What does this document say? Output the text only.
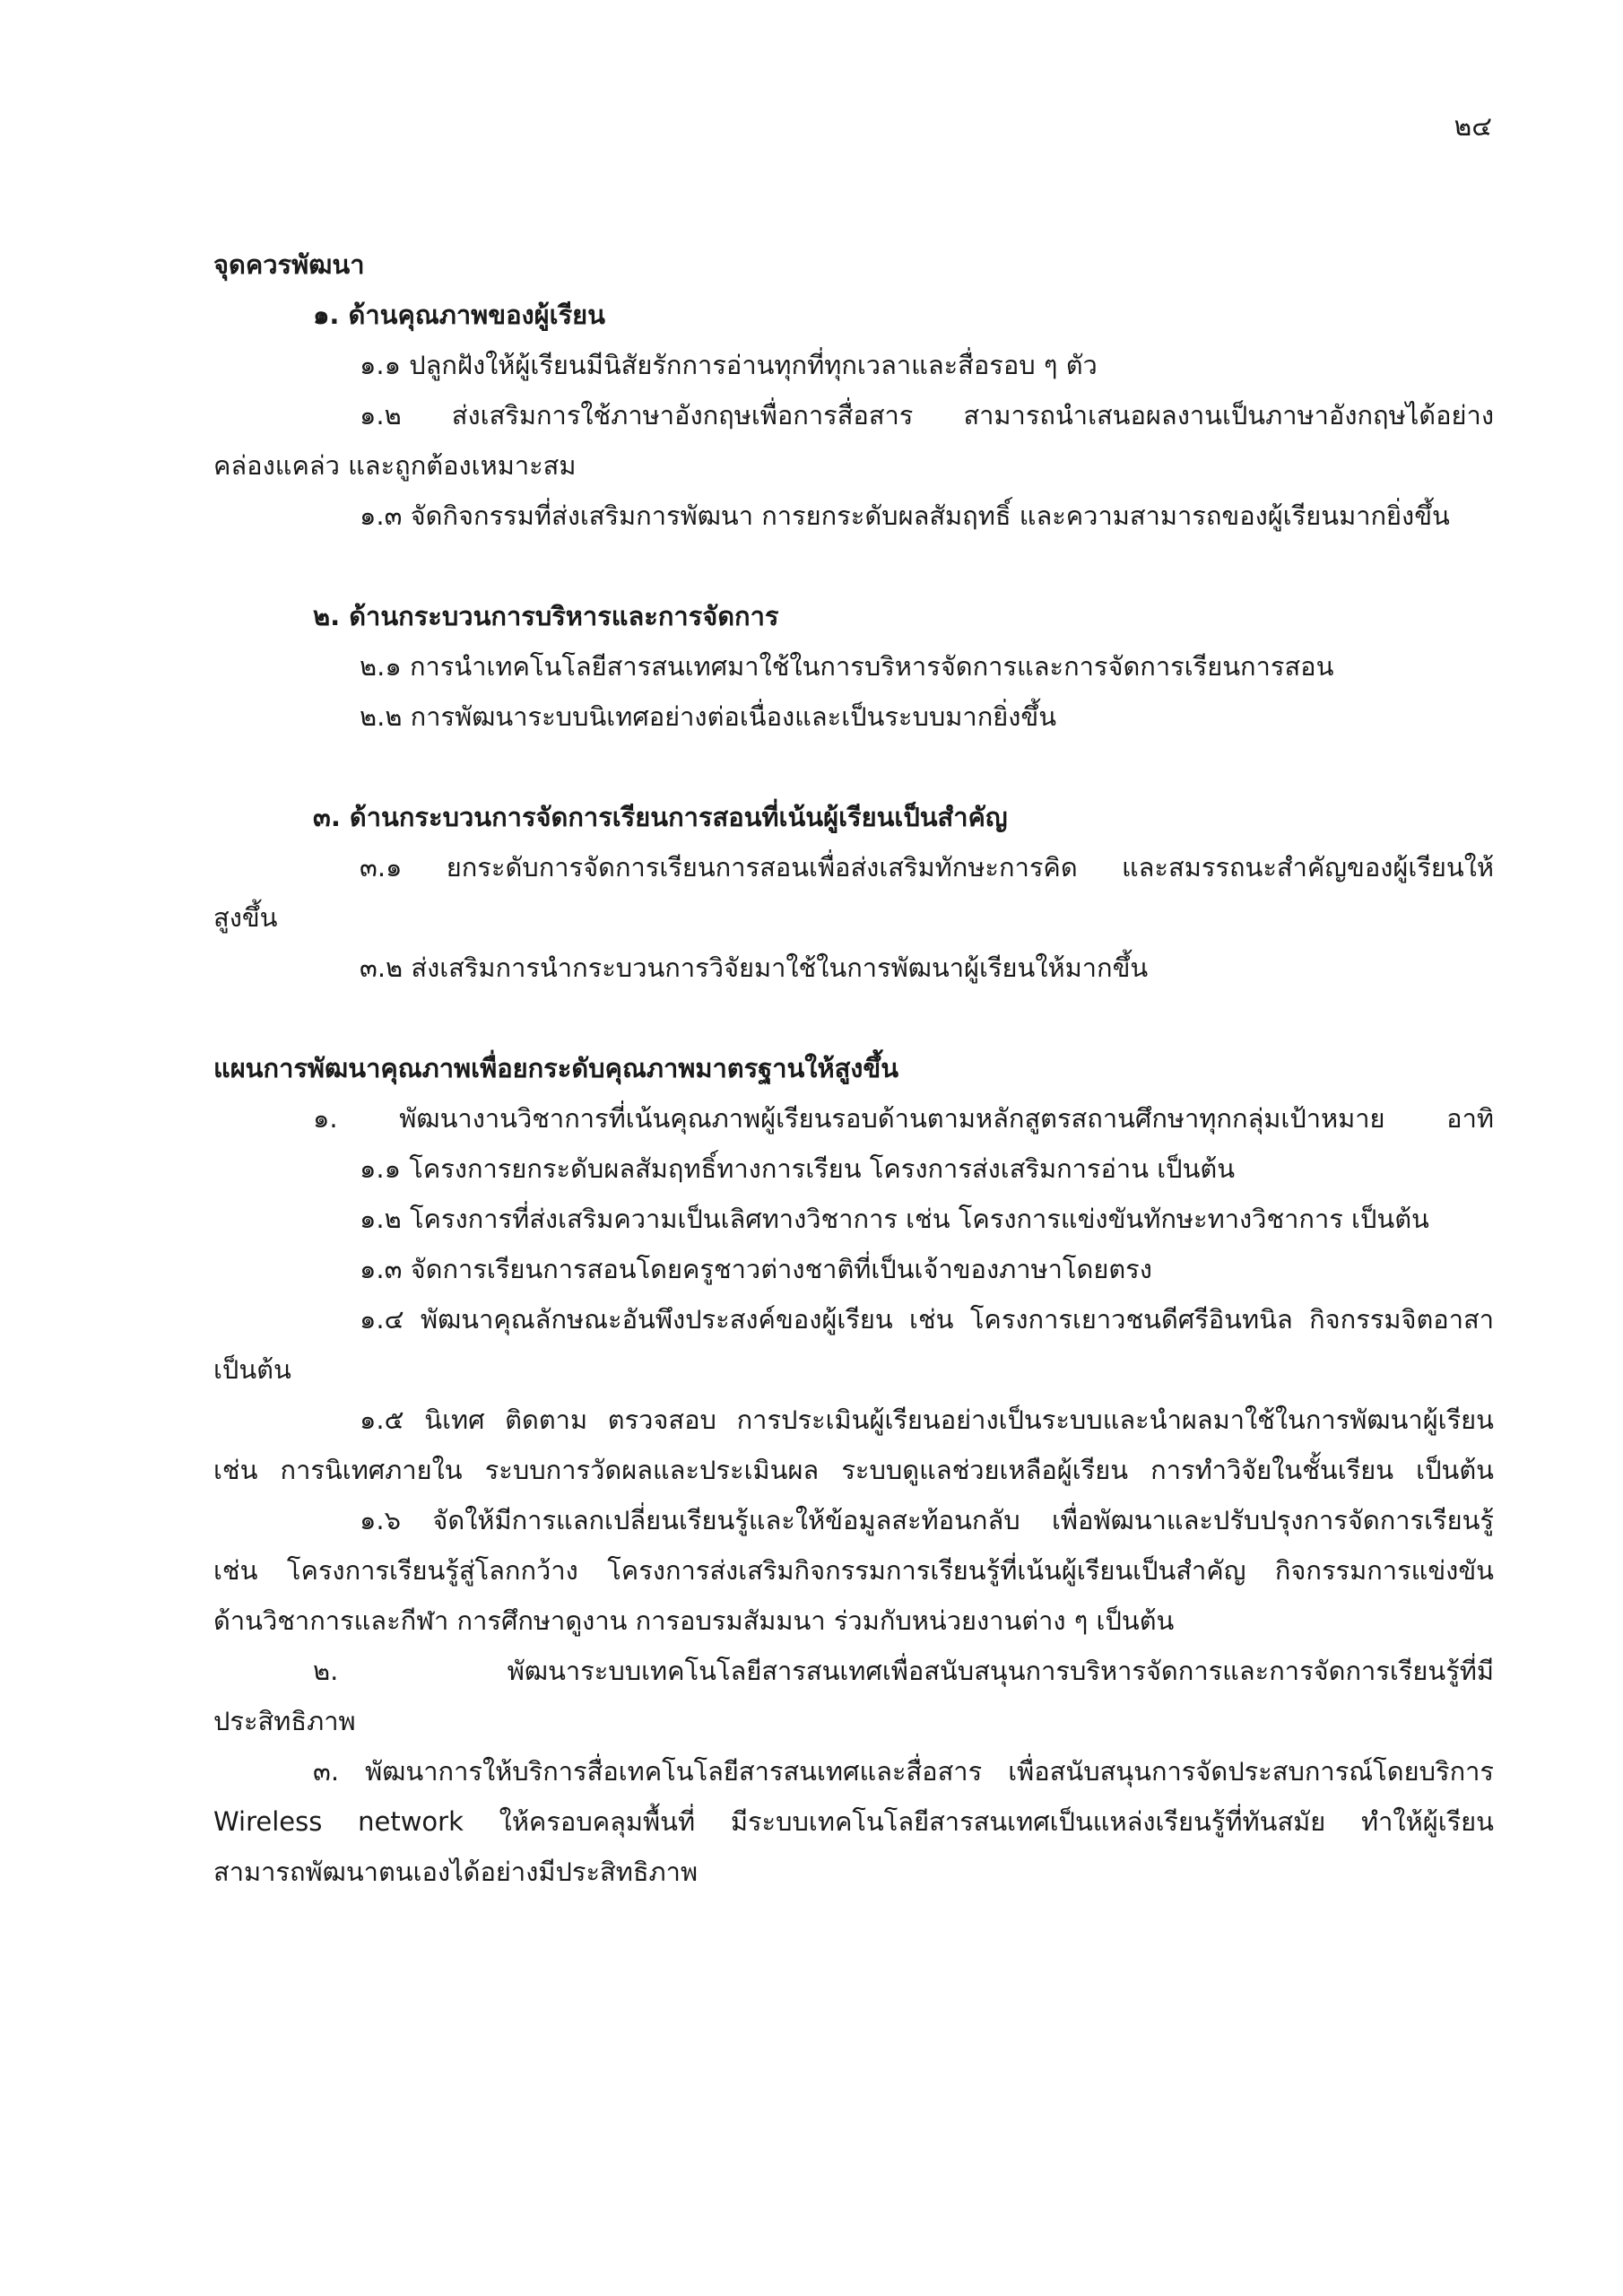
๒๔
จุดควรพัฒนา
๑. ด้านคุณภาพของผู้เรียน
๑.๑ ปลูกฝังให้ผู้เรียนมีนิสัยรักการอ่านทุกที่ทุกเวลาและสื่อรอบ ๆ ตัว
๑.๒ ส่งเสริมการใช้ภาษาอังกฤษเพื่อการสื่อสาร สามารถนำเสนอผลงานเป็นภาษาอังกฤษได้อย่าง
คล่องแคล่ว และถูกต้องเหมาะสม
๑.๓ จัดกิจกรรมที่ส่งเสริมการพัฒนา การยกระดับผลสัมฤทธิ์ และความสามารถของผู้เรียนมากยิ่งขึ้น
๒. ด้านกระบวนการบริหารและการจัดการ
๒.๑ การนำเทคโนโลยีสารสนเทศมาใช้ในการบริหารจัดการและการจัดการเรียนการสอน
๒.๒ การพัฒนาระบบนิเทศอย่างต่อเนื่องและเป็นระบบมากยิ่งขึ้น
๓. ด้านกระบวนการจัดการเรียนการสอนที่เน้นผู้เรียนเป็นสำคัญ
๓.๑ ยกระดับการจัดการเรียนการสอนเพื่อส่งเสริมทักษะการคิด และสมรรถนะสำคัญของผู้เรียนให้
สูงขึ้น
๓.๒ ส่งเสริมการนำกระบวนการวิจัยมาใช้ในการพัฒนาผู้เรียนให้มากขึ้น
แผนการพัฒนาคุณภาพเพื่อยกระดับคุณภาพมาตรฐานให้สูงขึ้น
๑. พัฒนางานวิชาการที่เน้นคุณภาพผู้เรียนรอบด้านตามหลักสูตรสถานศึกษาทุกกลุ่มเป้าหมาย อาทิ
๑.๑ โครงการยกระดับผลสัมฤทธิ์ทางการเรียน โครงการส่งเสริมการอ่าน เป็นต้น
๑.๒ โครงการที่ส่งเสริมความเป็นเลิศทางวิชาการ เช่น โครงการแข่งขันทักษะทางวิชาการ เป็นต้น
๑.๓ จัดการเรียนการสอนโดยครูชาวต่างชาติที่เป็นเจ้าของภาษาโดยตรง
๑.๔ พัฒนาคุณลักษณะอันพึงประสงค์ของผู้เรียน เช่น โครงการเยาวชนดีศรีอินทนิล กิจกรรมจิตอาสา
เป็นต้น
๑.๕ นิเทศ ติดตาม ตรวจสอบ การประเมินผู้เรียนอย่างเป็นระบบและนำผลมาใช้ในการพัฒนาผู้เรียน
เช่น การนิเทศภายใน ระบบการวัดผลและประเมินผล ระบบดูแลช่วยเหลือผู้เรียน การทำวิจัยในชั้นเรียน เป็นต้น
๑.๖ จัดให้มีการแลกเปลี่ยนเรียนรู้และให้ข้อมูลสะท้อนกลับ เพื่อพัฒนาและปรับปรุงการจัดการเรียนรู้
เช่น โครงการเรียนรู้สู่โลกกว้าง โครงการส่งเสริมกิจกรรมการเรียนรู้ที่เน้นผู้เรียนเป็นสำคัญ กิจกรรมการแข่งขัน
ด้านวิชาการและกีฬา การศึกษาดูงาน การอบรมสัมมนา ร่วมกับหน่วยงานต่าง ๆ เป็นต้น
๒. พัฒนาระบบเทคโนโลยีสารสนเทศเพื่อสนับสนุนการบริหารจัดการและการจัดการเรียนรู้ที่มี
ประสิทธิภาพ
๓. พัฒนาการให้บริการสื่อเทคโนโลยีสารสนเทศและสื่อสาร เพื่อสนับสนุนการจัดประสบการณ์โดยบริการ
Wireless network ให้ครอบคลุมพื้นที่ มีระบบเทคโนโลยีสารสนเทศเป็นแหล่งเรียนรู้ที่ทันสมัย ทำให้ผู้เรียน
สามารถพัฒนาตนเองได้อย่างมีประสิทธิภาพ
